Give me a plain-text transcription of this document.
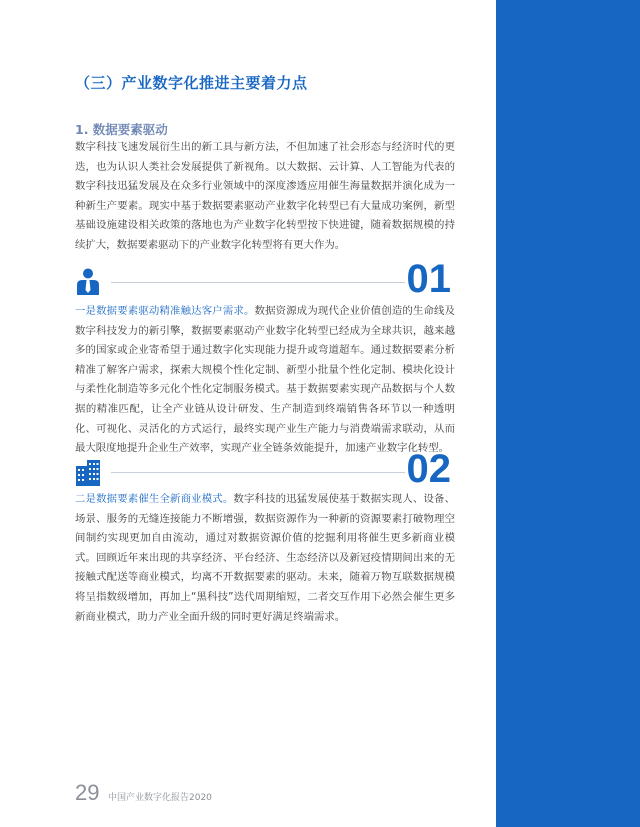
（三）产业数字化推进主要着力点
1. 数据要素驱动

数字科技飞速发展衍生出的新工具与新方法，不但加速了社会形态与经济时代的更迭，也为认识人类社会发展提供了新视角。以大数据、云计算、人工智能为代表的数字科技迅猛发展及在众多行业领域中的深度渗透应用催生海量数据并演化成为一种新生产要素。现实中基于数据要素驱动产业数字化转型已有大量成功案例，新型基础设施建设相关政策的落地也为产业数字化转型按下快进键，随着数据规模的持续扩大，数据要素驱动下的产业数字化转型将有更大作为。

01

一是数据要素驱动精准触达客户需求。数据资源成为现代企业价值创造的生命线及数字科技发力的新引擎，数据要素驱动产业数字化转型已经成为全球共识，越来越多的国家或企业寄希望于通过数字化实现能力提升或弯道超车。通过数据要素分析精准了解客户需求，探索大规模个性化定制、新型小批量个性化定制、模块化设计与柔性化制造等多元化个性化定制服务模式。基于数据要素实现产品数据与个人数据的精准匹配，让全产业链从设计研发、生产制造到终端销售各环节以一种透明化、可视化、灵活化的方式运行，最终实现产业生产能力与消费端需求联动，从而最大限度地提升企业生产效率，实现产业全链条效能提升，加速产业数字化转型。

02

二是数据要素催生全新商业模式。数字科技的迅猛发展使基于数据实现人、设备、场景、服务的无缝连接能力不断增强，数据资源作为一种新的资源要素打破物理空间制约实现更加自由流动，通过对数据资源价值的挖掘利用将催生更多新商业模式。回顾近年来出现的共享经济、平台经济、生态经济以及新冠疫情期间出来的无接触式配送等商业模式，均离不开数据要素的驱动。未来，随着万物互联数据规模将呈指数级增加，再加上“黑科技”迭代周期缩短，二者交互作用下必然会催生更多新商业模式，助力产业全面升级的同时更好满足终端需求。

29 中国产业数字化报告2020
